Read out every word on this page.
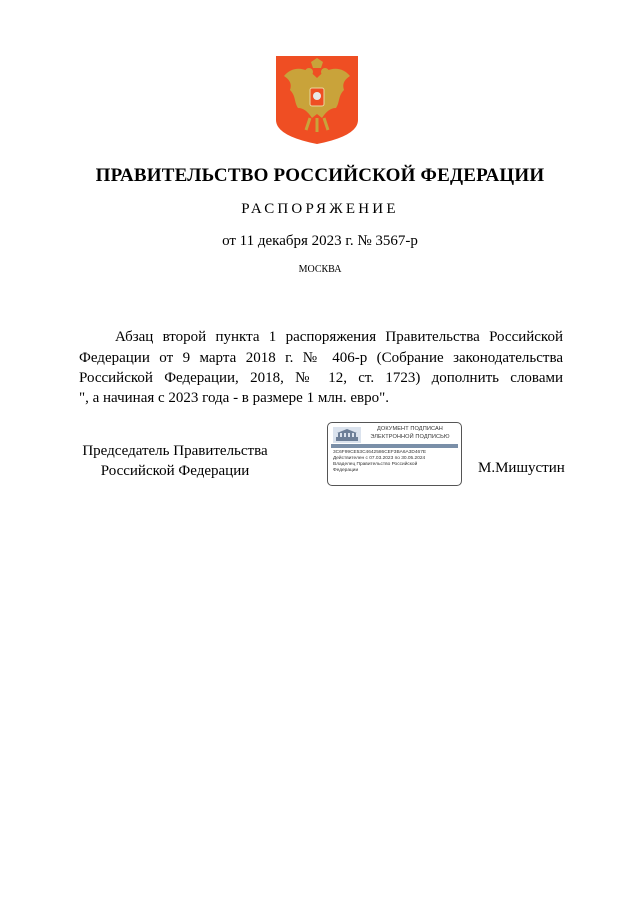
ПРАВИТЕЛЬСТВО РОССИЙСКОЙ ФЕДЕРАЦИИ
РАСПОРЯЖЕНИЕ
от 11 декабря 2023 г. № 3567-р
МОСКВА
Абзац второй пункта 1 распоряжения Правительства Российской
Федерации от 9 марта 2018 г. № 406-р (Собрание законодательства
Российской Федерации, 2018, № 12, ст. 1723) дополнить словами
", а начиная с 2023 года - в размере 1 млн. евро".
Председатель Правительства
Российской Федерации
ДОКУМЕНТ ПОДПИСАН
ЭЛЕКТРОННОЙ ПОДПИСЬЮ
3C6F99CE53C4642586CEF3BA6A3D467E
Действителен с 07.03.2023 по 30.05.2024
Владелец Правительство Российской
Федерации	М.Мишустин
